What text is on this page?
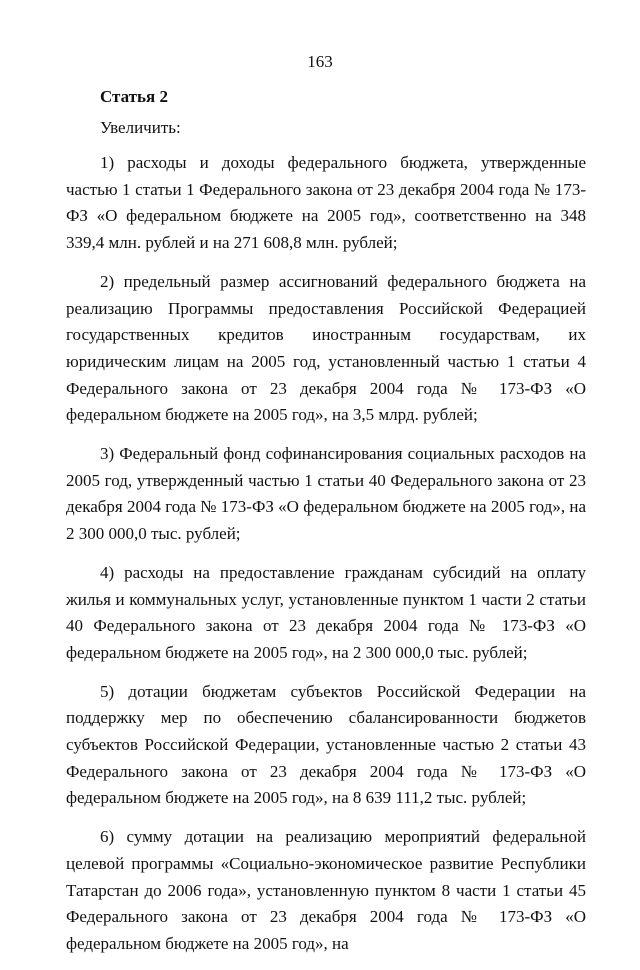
163
Статья 2
Увеличить:

1) расходы и доходы федерального бюджета, утвержденные частью 1 статьи 1 Федерального закона от 23 декабря 2004 года № 173-ФЗ «О федеральном бюджете на 2005 год», соответственно на 348 339,4 млн. рублей и на 271 608,8 млн. рублей;

2) предельный размер ассигнований федерального бюджета на реализацию Программы предоставления Российской Федерацией государственных кредитов иностранным государствам, их юридическим лицам на 2005 год, установленный частью 1 статьи 4 Федерального закона от 23 декабря 2004 года № 173-ФЗ «О федеральном бюджете на 2005 год», на 3,5 млрд. рублей;

3) Федеральный фонд софинансирования социальных расходов на 2005 год, утвержденный частью 1 статьи 40 Федерального закона от 23 декабря 2004 года № 173-ФЗ «О федеральном бюджете на 2005 год», на 2 300 000,0 тыс. рублей;

4) расходы на предоставление гражданам субсидий на оплату жилья и коммунальных услуг, установленные пунктом 1 части 2 статьи 40 Федерального закона от 23 декабря 2004 года № 173-ФЗ «О федеральном бюджете на 2005 год», на 2 300 000,0 тыс. рублей;

5) дотации бюджетам субъектов Российской Федерации на поддержку мер по обеспечению сбалансированности бюджетов субъектов Российской Федерации, установленные частью 2 статьи 43 Федерального закона от 23 декабря 2004 года № 173-ФЗ «О федеральном бюджете на 2005 год», на 8 639 111,2 тыс. рублей;

6) сумму дотации на реализацию мероприятий федеральной целевой программы «Социально-экономическое развитие Республики Татарстан до 2006 года», установленную пунктом 8 части 1 статьи 45 Федерального закона от 23 декабря 2004 года № 173-ФЗ «О федеральном бюджете на 2005 год», на
